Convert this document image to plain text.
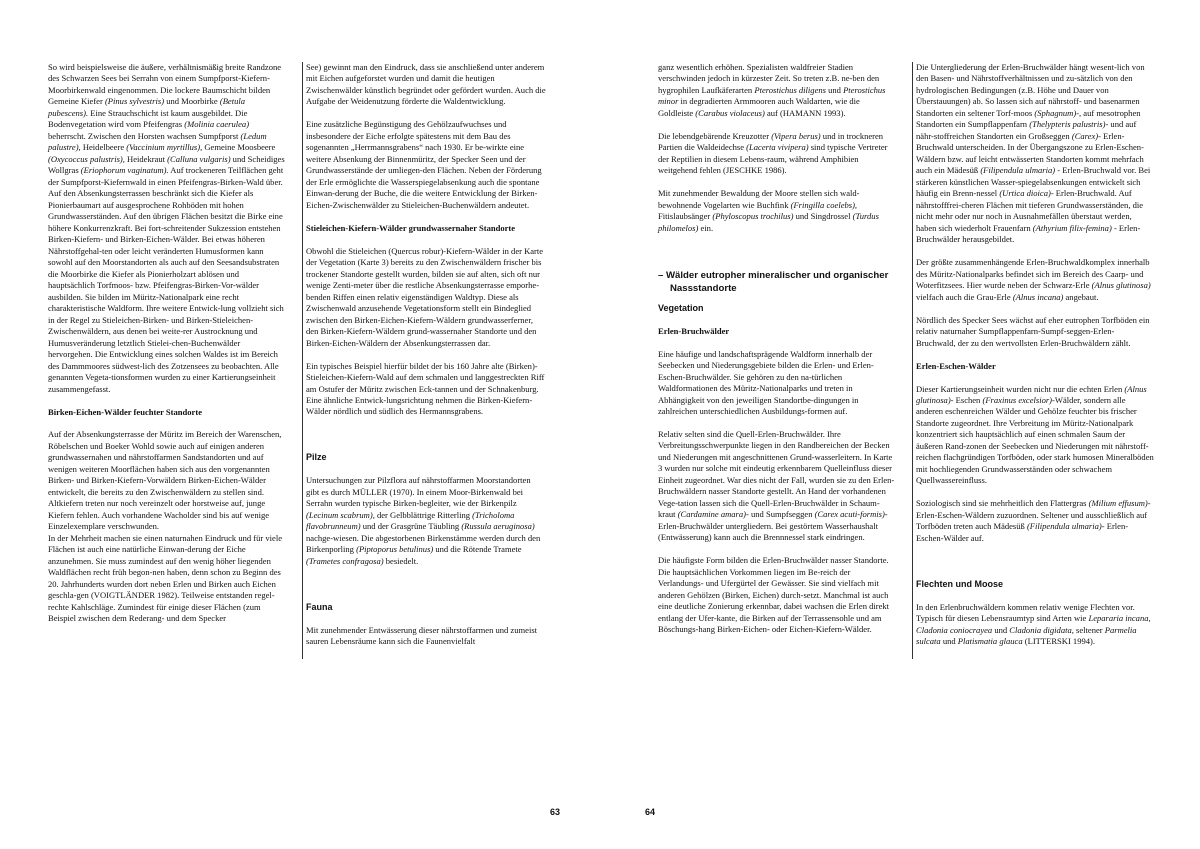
So wird beispielsweise die äußere, verhältnismäßig breite Randzone des Schwarzen Sees bei Serrahn von einem Sumpfporst-Kiefern-Moorbirkenwald eingenommen. Die lockere Baumschicht bilden Gemeine Kiefer (Pinus sylvestris) und Moorbirke (Betula pubescens). Eine Strauchschicht ist kaum ausgebildet. Die Bodenvegetation wird vom Pfeifengras (Molinia caerulea) beherrscht. Zwischen den Horsten wachsen Sumpfporst (Ledum palustre), Heidelbeere (Vaccinium myrtillus), Gemeine Moosbeere (Oxycoccus palustris), Heidekraut (Calluna vulgaris) und Scheidiges Wollgras (Eriophorum vaginatum). Auf trockeneren Teilflächen geht der Sumpfporst-Kiefernwald in einen Pfeifengras-Birken-Wald über.
Auf den Absenkungsterrassen beschränkt sich die Kiefer als Pionierbaumart auf ausgesprochene Rohböden mit hohen Grundwasserständen. Auf den übrigen Flächen besitzt die Birke eine höhere Konkurrenzkraft. Bei fort-schreitender Sukzession entstehen Birken-Kiefern- und Birken-Eichen-Wälder. Bei etwas höheren Nährstoffgehal-ten oder leicht veränderten Humusformen kann sowohl auf den Moorstandorten als auch auf den Seesandsubstraten die Moorbirke die Kiefer als Pionierholzart ablösen und hauptsächlich Torfmoos- bzw. Pfeifengras-Birken-Vor-wälder ausbilden. Sie bilden im Müritz-Nationalpark eine recht charakteristische Waldform. Ihre weitere Entwick-lung vollzieht sich in der Regel zu Stieleichen-Birken- und Birken-Stieleichen-Zwischenwäldern, aus denen bei weite-rer Austrocknung und Humusveränderung letztlich Stielei-chen-Buchenwälder hervorgehen. Die Entwicklung eines solchen Waldes ist im Bereich des Dammmoores südwest-lich des Zotzensees zu beobachten. Alle genannten Vegeta-tionsformen wurden zu einer Kartierungseinheit zusammengefasst.

Birken-Eichen-Wälder feuchter Standorte

Auf der Absenkungsterrasse der Müritz im Bereich der Warenschen, Röbelschen und Boeker Wohld sowie auch auf einigen anderen grundwassernahen und nährstoffarmen Sandstandorten und auf wenigen weiteren Moorflächen haben sich aus den vorgenannten Birken- und Birken-Kiefern-Vorwäldern Birken-Eichen-Wälder entwickelt, die bereits zu den Zwischenwäldern zu stellen sind. Altkiefern treten nur noch vereinzelt oder horstweise auf, junge Kiefern fehlen. Auch vorhandene Wacholder sind bis auf wenige Einzelexemplare verschwunden.

In der Mehrheit machen sie einen naturnahen Eindruck und für viele Flächen ist auch eine natürliche Einwan-derung der Eiche anzunehmen. Sie muss zumindest auf den wenig höher liegenden Waldflächen recht früh begon-nen haben, denn schon zu Beginn des 20. Jahrhunderts wurden dort neben Erlen und Birken auch Eichen geschla-gen (VOIGTLÄNDER 1982). Teilweise entstanden regel-rechte Kahlschläge. Zumindest für einige dieser Flächen (zum Beispiel zwischen dem Rederang- und dem Specker

See) gewinnt man den Eindruck, dass sie anschließend unter anderem mit Eichen aufgeforstet wurden und damit die heutigen Zwischenwälder künstlich begründet oder gefördert wurden. Auch die Aufgabe der Weidenutzung förderte die Waldentwicklung.

Eine zusätzliche Begünstigung des Gehölzaufwuchses und insbesondere der Eiche erfolgte spätestens mit dem Bau des sogenannten „Herrmannsgrabens“ nach 1930. Er be-wirkte eine weitere Absenkung der Binnenmüritz, der Specker Seen und der Grundwasserstände der umliegen-den Flächen. Neben der Förderung der Erle ermöglichte die Wasserspiegelabsenkung auch die spontane Einwan-derung der Buche, die die weitere Entwicklung der Birken-Eichen-Zwischenwälder zu Stieleichen-Buchenwäldern andeutet.

Stieleichen-Kiefern-Wälder grundwassernaher Standorte

Obwohl die Stieleichen (Quercus robur)-Kiefern-Wälder in der Karte der Vegetation (Karte 3) bereits zu den Zwischenwäldern frischer bis trockener Standorte gestellt wurden, bilden sie auf alten, sich oft nur wenige Zenti-meter über die restliche Absenkungsterrasse emporhe-benden Riffen einen relativ eigenständigen Waldtyp. Diese als Zwischenwald anzusehende Vegetationsform stellt ein Bindeglied zwischen den Birken-Eichen-Kiefern-Wäldern grundwasserferner, den Birken-Kiefern-Wäldern grund-wassernaher Standorte und den Birken-Eichen-Wäldern der Absenkungsterrassen dar.

Ein typisches Beispiel hierfür bildet der bis 160 Jahre alte (Birken)-Stieleichen-Kiefern-Wald auf dem schmalen und langgestreckten Riff am Ostufer der Müritz zwischen Eck-tannen und der Schnakenburg. Eine ähnliche Entwick-lungsrichtung nehmen die Birken-Kiefern-Wälder nördlich und südlich des Hermannsgrabens.

Pilze

Untersuchungen zur Pilzflora auf nährstoffarmen Moorstandorten gibt es durch MÜLLER (1970). In einem Moor-Birkenwald bei Serrahn wurden typische Birken-begleiter, wie der Birkenpilz (Lecinum scabrum), der Gelbblättrige Ritterling (Tricholoma flavobrunneum) und der Grasgrüne Täubling (Russula aeruginosa) nachge-wiesen. Die abgestorbenen Birkenstämme werden durch den Birkenporling (Piptoporus betulinus) und die Rötende Tramete (Trametes confragosa) besiedelt.

Fauna

Mit zunehmender Entwässerung dieser nährstoffarmen und zumeist sauren Lebensräume kann sich die Faunenvielfalt

63

ganz wesentlich erhöhen. Spezialisten waldfreier Stadien verschwinden jedoch in kürzester Zeit. So treten z.B. ne-ben den hygrophilen Laufkäferarten Pterostichus diligens und Pterostichus minor in degradierten Armmooren auch Waldarten, wie die Goldleiste (Carabus violaceus) auf (HAMANN 1993).

Die lebendgebärende Kreuzotter (Vipera berus) und in trockneren Partien die Waldeidechse (Lacerta vivipera) sind typische Vertreter der Reptilien in diesem Lebens-raum, während Amphibien weitgehend fehlen (JESCHKE 1986).

Mit zunehmender Bewaldung der Moore stellen sich wald-bewohnende Vogelarten wie Buchfink (Fringilla coelebs), Fitislaubsänger (Phyloscopus trochilus) und Singdrossel (Turdus philomelos) ein.

– Wälder eutropher mineralischer und organischer
Nassstandorte
Vegetation
Erlen-Bruchwälder

Eine häufige und landschaftsprägende Waldform innerhalb der Seebecken und Niederungsgebiete bilden die Erlen- und Erlen-Eschen-Bruchwälder. Sie gehören zu den na-türlichen Waldformationen des Müritz-Nationalparks und treten in Abhängigkeit von den jeweiligen Standortbe-dingungen in zahlreichen unterschiedlichen Ausbildungs-formen auf.

Relativ selten sind die Quell-Erlen-Bruchwälder. Ihre Verbreitungsschwerpunkte liegen in den Randbereichen der Becken und Niederungen mit angeschnittenen Grund-wasserleitern. In Karte 3 wurden nur solche mit eindeutig erkennbarem Quelleinfluss dieser Einheit zugeordnet. War dies nicht der Fall, wurden sie zu den Erlen-Bruchwäldern nasser Standorte gestellt. An Hand der vorhandenen Vege-tation lassen sich die Quell-Erlen-Bruchwälder in Schaum-kraut (Cardamine amara)- und Sumpfseggen (Carex acuti-formis)-Erlen-Bruchwälder untergliedern. Bei gestörtem Wasserhaushalt (Entwässerung) kann auch die Brennnessel stark eindringen.

Die häufigste Form bilden die Erlen-Bruchwälder nasser Standorte. Die hauptsächlichen Vorkommen liegen im Be-reich der Verlandungs- und Ufergürtel der Gewässer. Sie sind vielfach mit anderen Gehölzen (Birken, Eichen) durch-setzt. Manchmal ist auch eine deutliche Zonierung erkennbar, dabei wachsen die Erlen direkt entlang der Ufer-kante, die Birken auf der Terrassensohle und am Böschungs-hang Birken-Eichen- oder Eichen-Kiefern-Wälder.

Die Untergliederung der Erlen-Bruchwälder hängt wesent-lich von den Basen- und Nährstoffverhältnissen und zu-sätzlich von den hydrologischen Bedingungen (z.B. Höhe und Dauer von Überstauungen) ab. So lassen sich auf nährstoff- und basenarmen Standorten ein seltener Torf-moos (Sphagnum)-, auf mesotrophen Standorten ein Sumpflappenfarn (Thelypteris palustris)- und auf nähr-stoffreichen Standorten ein Großseggen (Carex)- Erlen-Bruchwald unterscheiden. In der Übergangszone zu Erlen-Eschen-Wäldern bzw. auf leicht entwässerten Standorten kommt mehrfach auch ein Mädesüß (Filipendula ulmaria) - Erlen-Bruchwald vor. Bei stärkeren künstlichen Wasser-spiegelabsenkungen entwickelt sich häufig ein Brenn-nessel (Urtica dioica)- Erlen-Bruchwald. Auf nährstofffrei-cheren Flächen mit tieferen Grundwasserständen, die nicht mehr oder nur noch in Ausnahmefällen überstaut werden, haben sich wiederholt Frauenfarn (Athyrium filix-femina) - Erlen-Bruchwälder herausgebildet.

Der größte zusammenhängende Erlen-Bruchwaldkomplex innerhalb des Müritz-Nationalparks befindet sich im Bereich des Caarp- und Woterfitzsees. Hier wurde neben der Schwarz-Erle (Alnus glutinosa) vielfach auch die Grau-Erle (Alnus incana) angebaut.

Nördlich des Specker Sees wächst auf eher eutrophen Torfböden ein relativ naturnaher Sumpflappenfarn-Sumpf-seggen-Erlen-Bruchwald, der zu den wertvollsten Erlen-Bruchwäldern zählt.

Erlen-Eschen-Wälder

Dieser Kartierungseinheit wurden nicht nur die echten Erlen (Alnus glutinosa)- Eschen (Fraxinus excelsior)-Wälder, sondern alle anderen eschenreichen Wälder und Gehölze feuchter bis frischer Standorte zugeordnet. Ihre Verbreitung im Müritz-Nationalpark konzentriert sich hauptsächlich auf einen schmalen Saum der äußeren Rand-zonen der Seebecken und Niederungen mit nährstoff-reichen flachgründigen Torfböden, oder stark humosen Mineralböden mit hochliegenden Grundwasserständen oder schwachem Quellwassereinfluss.

Soziologisch sind sie mehrheitlich den Flattergras (Milium effusum)- Erlen-Eschen-Wäldern zuzuordnen. Seltener und ausschließlich auf Torfböden treten auch Mädesüß (Filipendula ulmaria)- Erlen-Eschen-Wälder auf.

Flechten und Moose

In den Erlenbruchwäldern kommen relativ wenige Flechten vor. Typisch für diesen Lebensraumtyp sind Arten wie Lepararia incana, Cladonia coniocrayea und Cladonia digidata, seltener Parmelia sulcata und Platismatia glauca (LITTERSKI 1994).

64
